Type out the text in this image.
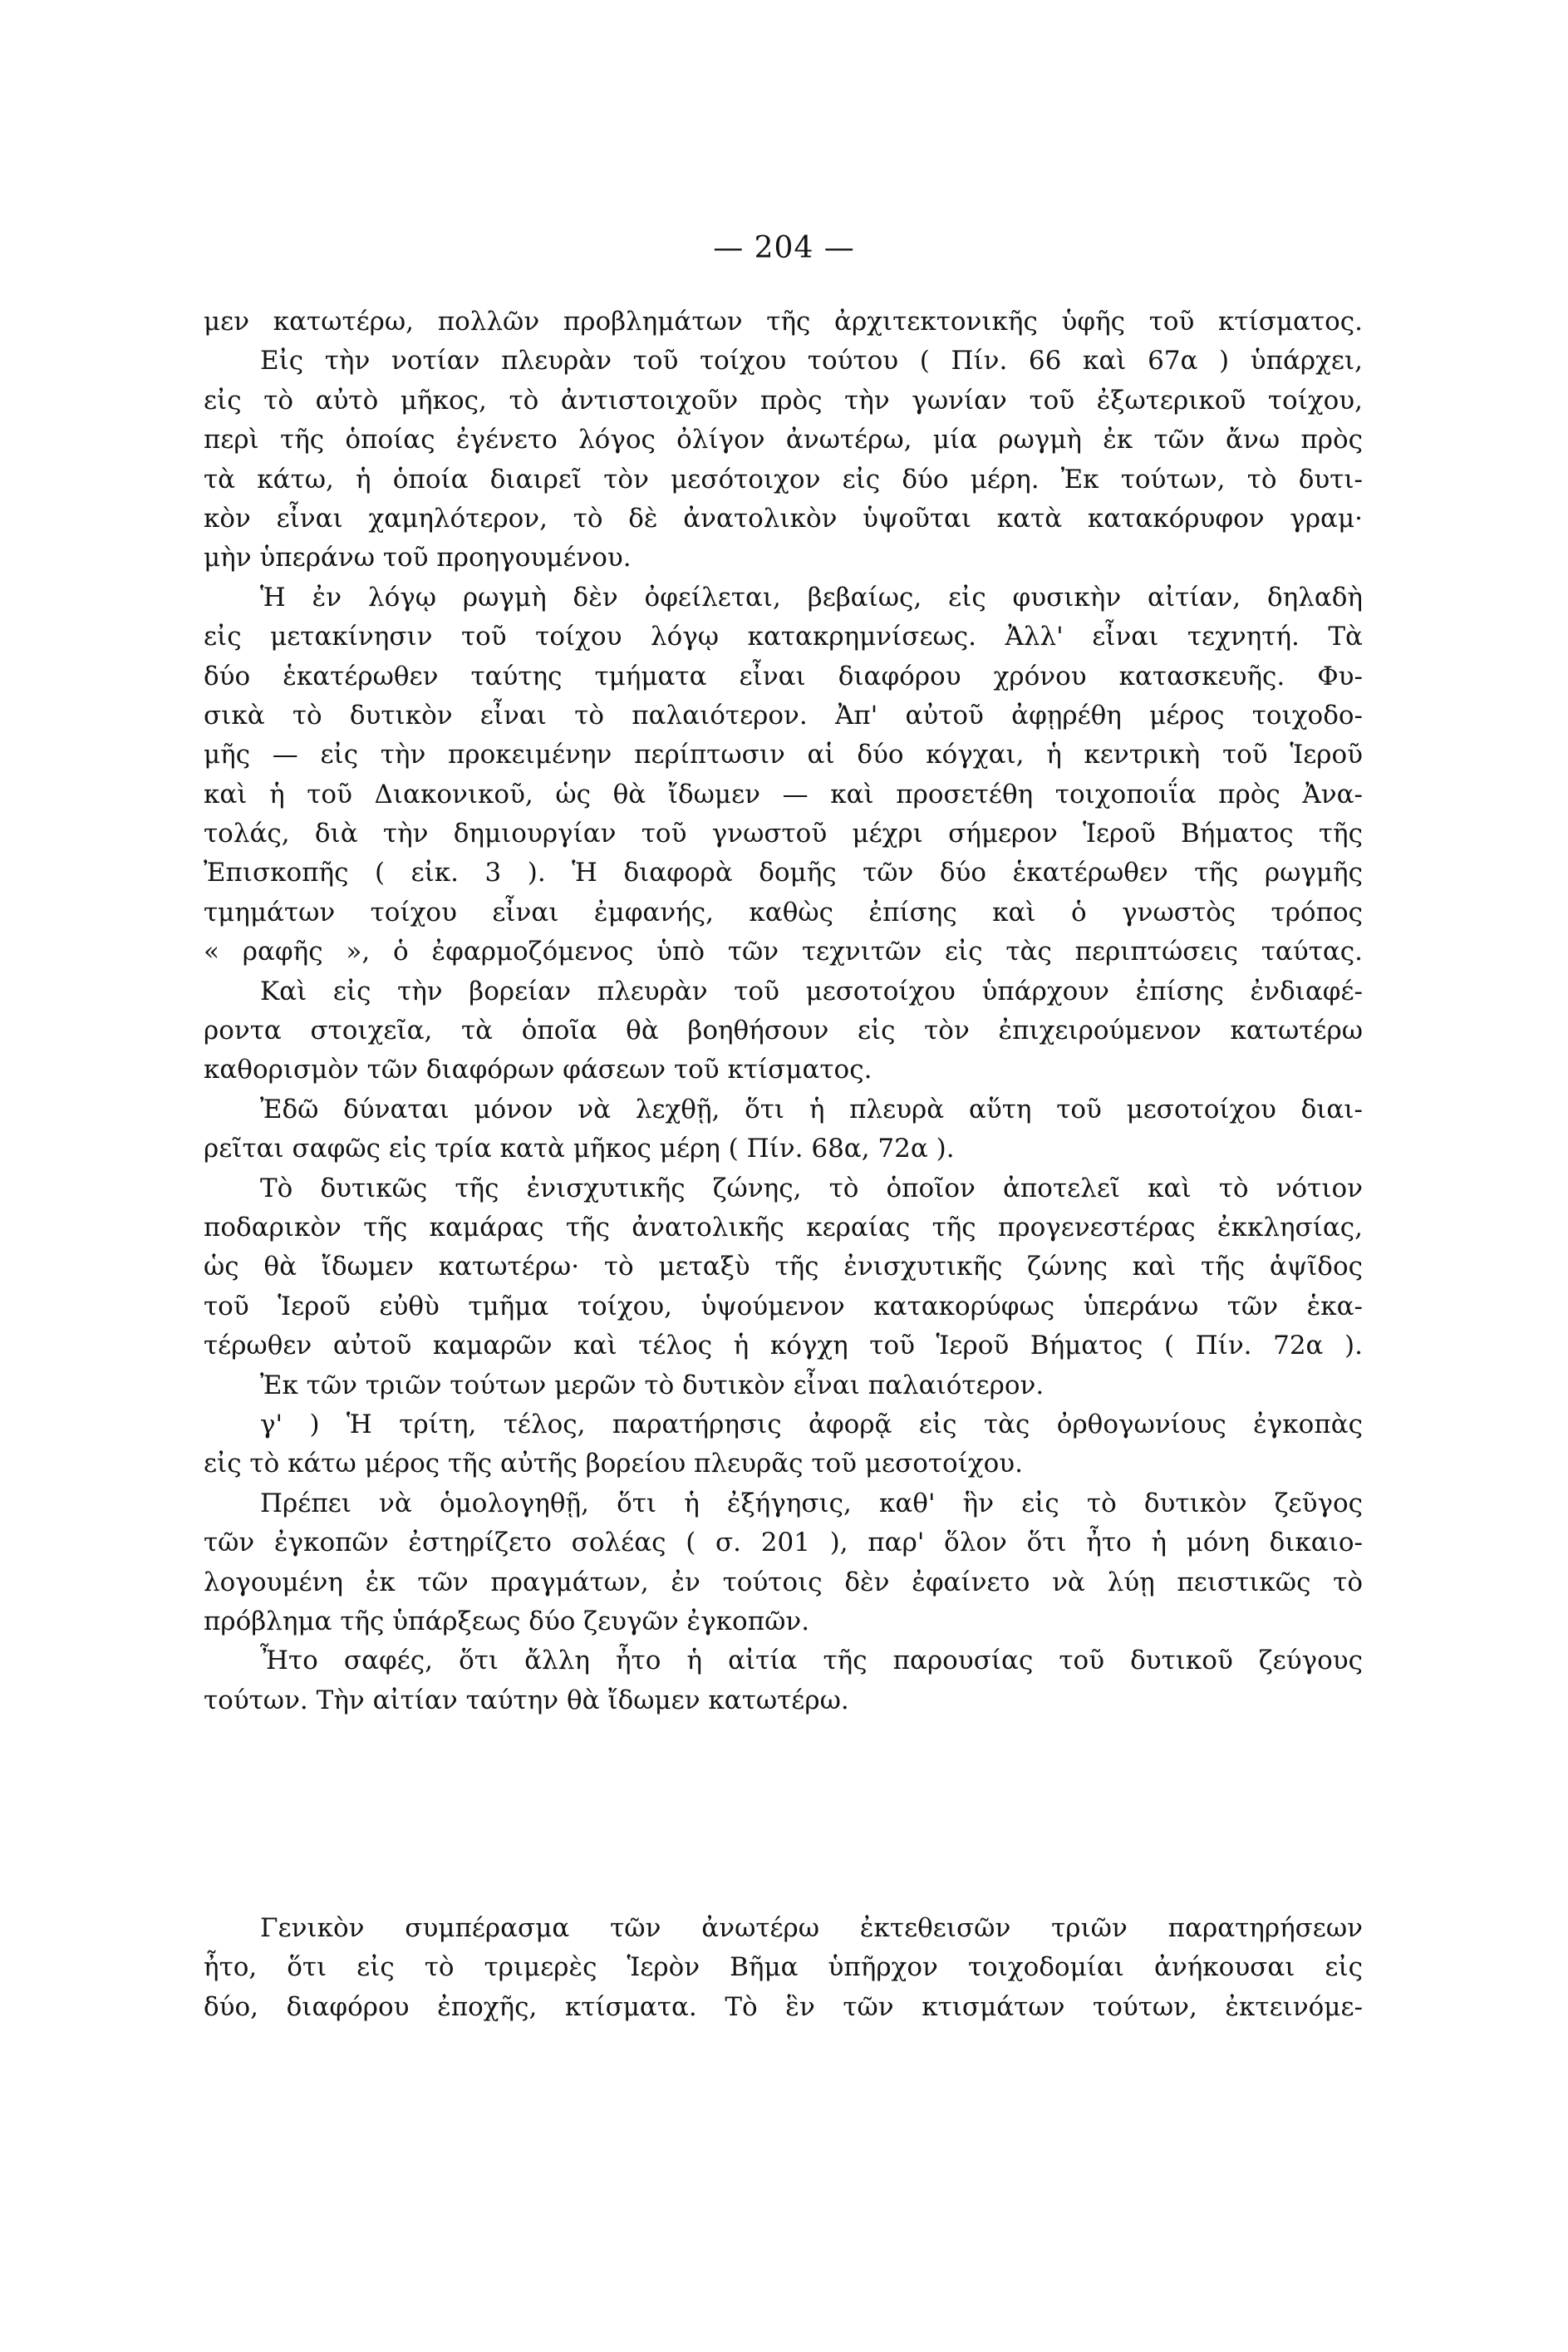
— 204 —
μεν κατωτέρω, πολλῶν προβλημάτων τῆς ἀρχιτεκτονικῆς ὑφῆς τοῦ κτίσματος.
Εἰς τὴν νοτίαν πλευρὰν τοῦ τοίχου τούτου ( Πίν. 66 καὶ 67α ) ὑπάρχει,
εἰς τὸ αὐτὸ μῆκος, τὸ ἀντιστοιχοῦν πρὸς τὴν γωνίαν τοῦ ἐξωτερικοῦ τοίχου,
περὶ τῆς ὁποίας ἐγένετο λόγος ὀλίγον ἀνωτέρω, μία ρωγμὴ ἐκ τῶν ἄνω πρὸς
τὰ κάτω, ἡ ὁποία διαιρεῖ τὸν μεσότοιχον εἰς δύο μέρη. Ἐκ τούτων, τὸ δυτι-
κὸν εἶναι χαμηλότερον, τὸ δὲ ἀνατολικὸν ὑψοῦται κατὰ κατακόρυφον γραμ·
μὴν ὑπεράνω τοῦ προηγουμένου.
Ἡ ἐν λόγῳ ρωγμὴ δὲν ὀφείλεται, βεβαίως, εἰς φυσικὴν αἰτίαν, δηλαδὴ
εἰς μετακίνησιν τοῦ τοίχου λόγῳ κατακρημνίσεως. Ἀλλ' εἶναι τεχνητή. Τὰ
δύο ἑκατέρωθεν ταύτης τμήματα εἶναι διαφόρου χρόνου κατασκευῆς. Φυ-
σικὰ τὸ δυτικὸν εἶναι τὸ παλαιότερον. Ἀπ' αὐτοῦ ἀφῃρέθη μέρος τοιχοδο-
μῆς — εἰς τὴν προκειμένην περίπτωσιν αἱ δύο κόγχαι, ἡ κεντρικὴ τοῦ Ἱεροῦ
καὶ ἡ τοῦ Διακονικοῦ, ὡς θὰ ἴδωμεν — καὶ προσετέθη τοιχοποιΐα πρὸς Ἀνα-
τολάς, διὰ τὴν δημιουργίαν τοῦ γνωστοῦ μέχρι σήμερον Ἱεροῦ Βήματος τῆς
Ἐπισκοπῆς ( εἰκ. 3 ). Ἡ διαφορὰ δομῆς τῶν δύο ἑκατέρωθεν τῆς ρωγμῆς
τμημάτων τοίχου εἶναι ἐμφανής, καθὼς ἐπίσης καὶ ὁ γνωστὸς τρόπος
« ραφῆς », ὁ ἐφαρμοζόμενος ὑπὸ τῶν τεχνιτῶν εἰς τὰς περιπτώσεις ταύτας.
Καὶ εἰς τὴν βορείαν πλευρὰν τοῦ μεσοτοίχου ὑπάρχουν ἐπίσης ἐνδιαφέ-
ροντα στοιχεῖα, τὰ ὁποῖα θὰ βοηθήσουν εἰς τὸν ἐπιχειρούμενον κατωτέρω
καθορισμὸν τῶν διαφόρων φάσεων τοῦ κτίσματος.
Ἐδῶ δύναται μόνον νὰ λεχθῇ, ὅτι ἡ πλευρὰ αὕτη τοῦ μεσοτοίχου διαι-
ρεῖται σαφῶς εἰς τρία κατὰ μῆκος μέρη ( Πίν. 68α, 72α ).
Τὸ δυτικῶς τῆς ἐνισχυτικῆς ζώνης, τὸ ὁποῖον ἀποτελεῖ καὶ τὸ νότιον
ποδαρικὸν τῆς καμάρας τῆς ἀνατολικῆς κεραίας τῆς προγενεστέρας ἐκκλησίας,
ὡς θὰ ἴδωμεν κατωτέρω· τὸ μεταξὺ τῆς ἐνισχυτικῆς ζώνης καὶ τῆς ἁψῖδος
τοῦ Ἱεροῦ εὐθὺ τμῆμα τοίχου, ὑψούμενον κατακορύφως ὑπεράνω τῶν ἑκα-
τέρωθεν αὐτοῦ καμαρῶν καὶ τέλος ἡ κόγχη τοῦ Ἱεροῦ Βήματος ( Πίν. 72α ).
Ἐκ τῶν τριῶν τούτων μερῶν τὸ δυτικὸν εἶναι παλαιότερον.
γ' ) Ἡ τρίτη, τέλος, παρατήρησις ἀφορᾷ εἰς τὰς ὀρθογωνίους ἐγκοπὰς
εἰς τὸ κάτω μέρος τῆς αὐτῆς βορείου πλευρᾶς τοῦ μεσοτοίχου.
Πρέπει νὰ ὁμολογηθῇ, ὅτι ἡ ἐξήγησις, καθ' ἣν εἰς τὸ δυτικὸν ζεῦγος
τῶν ἐγκοπῶν ἐστηρίζετο σολέας ( σ. 201 ), παρ' ὅλον ὅτι ἦτο ἡ μόνη δικαιο-
λογουμένη ἐκ τῶν πραγμάτων, ἐν τούτοις δὲν ἐφαίνετο νὰ λύῃ πειστικῶς τὸ
πρόβλημα τῆς ὑπάρξεως δύο ζευγῶν ἐγκοπῶν.
Ἦτο σαφές, ὅτι ἄλλη ἦτο ἡ αἰτία τῆς παρουσίας τοῦ δυτικοῦ ζεύγους
τούτων. Τὴν αἰτίαν ταύτην θὰ ἴδωμεν κατωτέρω.
Γενικὸν συμπέρασμα τῶν ἀνωτέρω ἐκτεθεισῶν τριῶν παρατηρήσεων
ἦτο, ὅτι εἰς τὸ τριμερὲς Ἱερὸν Βῆμα ὑπῆρχον τοιχοδομίαι ἀνήκουσαι εἰς
δύο, διαφόρου ἐποχῆς, κτίσματα. Τὸ ἓν τῶν κτισμάτων τούτων, ἐκτεινόμε-
